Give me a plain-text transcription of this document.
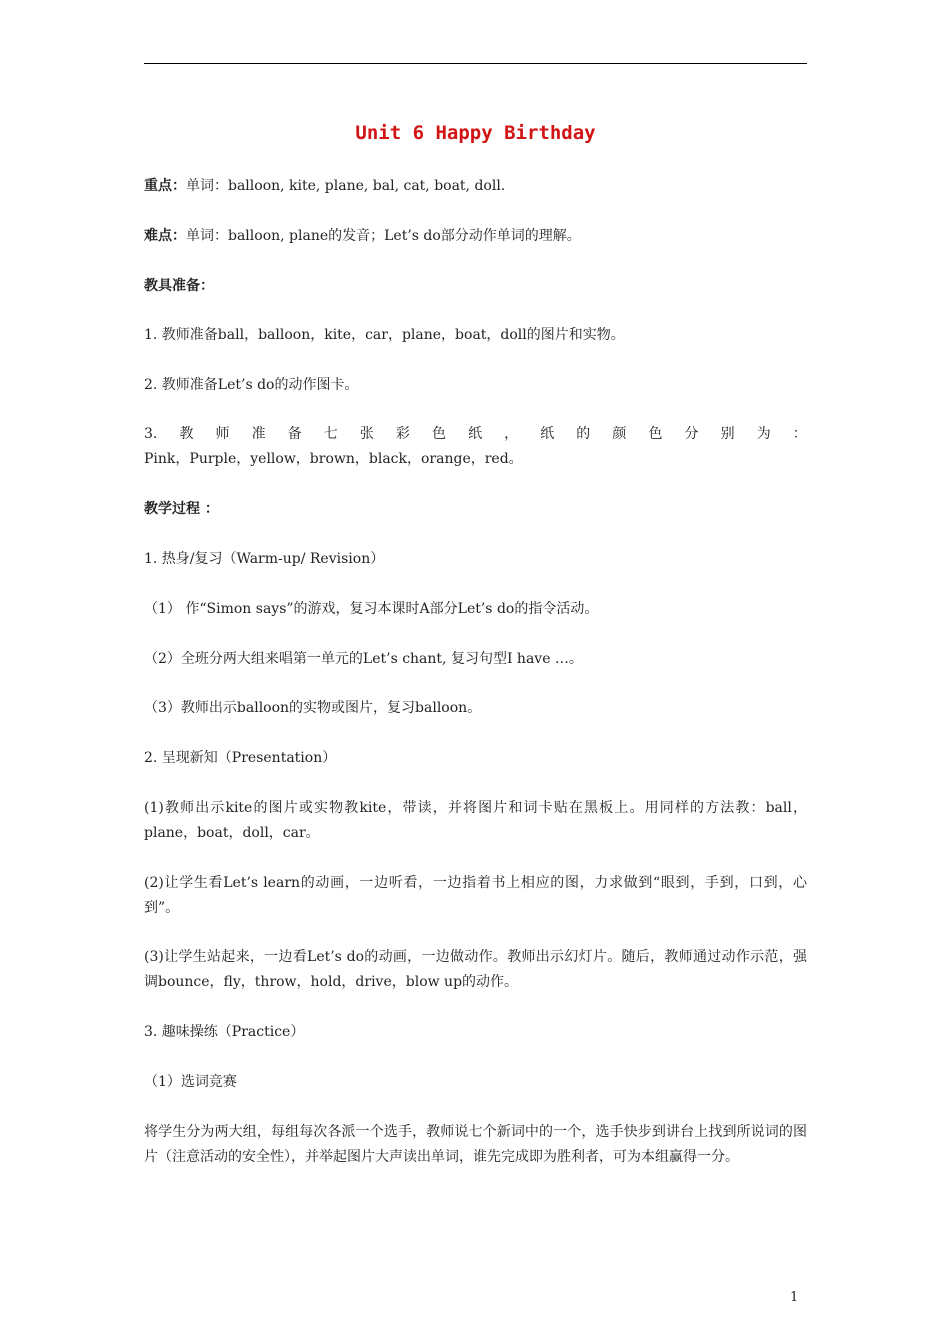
Unit 6 Happy Birthday
重点：单词：balloon, kite, plane, bal, cat, boat, doll.
难点：单词：balloon, plane的发音；Let’s do部分动作单词的理解。
教具准备：
1. 教师准备ball，balloon，kite，car，plane，boat，doll的图片和实物。
2. 教师准备Let’s do的动作图卡。
3. 教 师 准 备 七 张 彩 色 纸 ， 纸 的 颜 色 分 别 为 ：
Pink，Purple，yellow，brown，black，orange，red。
教学过程 ：
1. 热身/复习（Warm-up/ Revision）
（1） 作“Simon says”的游戏，复习本课时A部分Let’s do的指令活动。
（2）全班分两大组来唱第一单元的Let’s chant, 复习句型I have …。
（3）教师出示balloon的实物或图片，复习balloon。
2. 呈现新知（Presentation）
(1)教师出示kite的图片或实物教kite，带读，并将图片和词卡贴在黑板上。用同样的方法教：ball，plane，boat，doll，car。
(2)让学生看Let’s learn的动画，一边听看，一边指着书上相应的图，力求做到“眼到，手到，口到，心到”。
(3)让学生站起来，一边看Let’s do的动画，一边做动作。教师出示幻灯片。随后，教师通过动作示范，强调bounce，fly，throw，hold，drive，blow up的动作。
3. 趣味操练（Practice）
（1）选词竞赛
将学生分为两大组，每组每次各派一个选手，教师说七个新词中的一个，选手快步到讲台上找到所说词的图片（注意活动的安全性），并举起图片大声读出单词，谁先完成即为胜利者，可为本组赢得一分。
1
